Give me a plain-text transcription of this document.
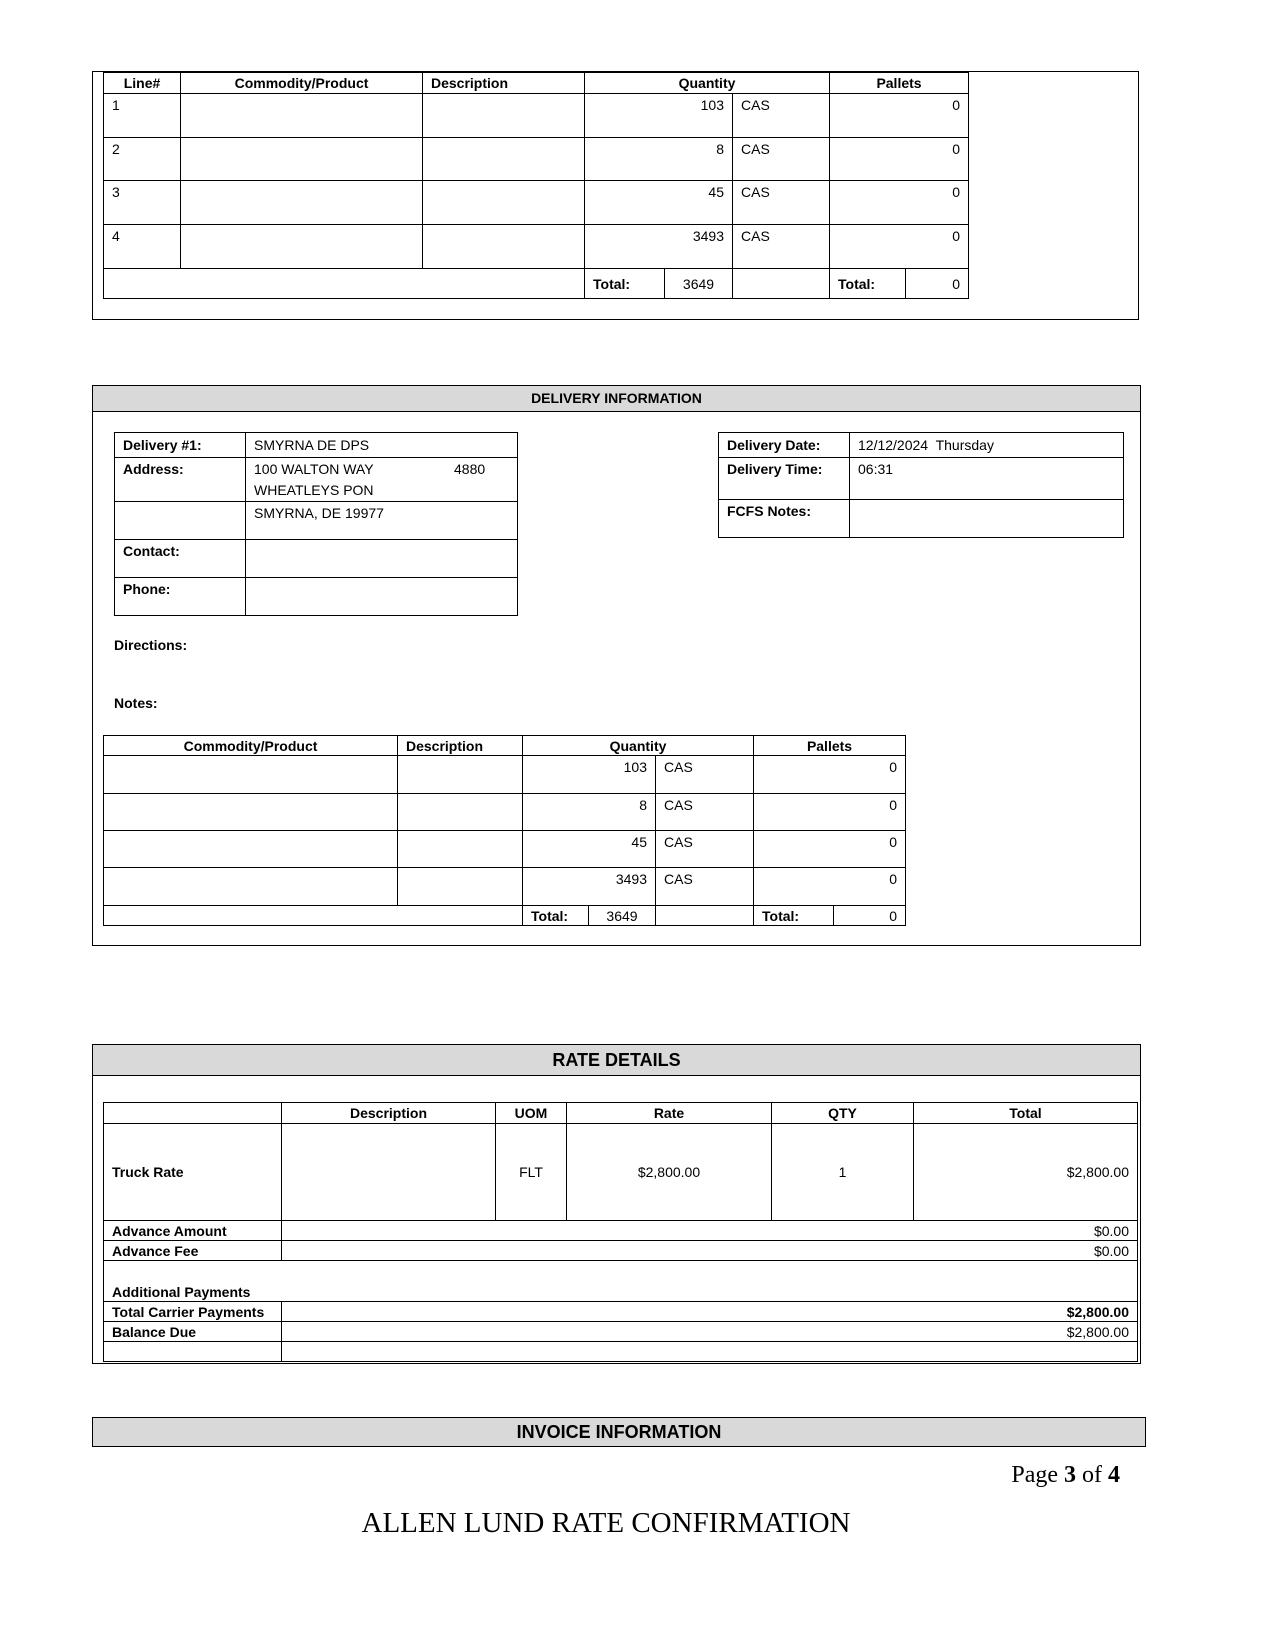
Line#	Commodity/Product	Description	Quantity			Pallets	
1			103		CAS	0	
2			8		CAS	0	
3			45		CAS	0	
4			3493		CAS	0	
			Total:	3649		Total:	0
DELIVERY INFORMATION
Delivery #1:	SMYRNA DE DPS
Address:	100 WALTON WAY 4880
WHEATLEYS PON

	SMYRNA, DE 19977
Contact:	
Phone:	
Delivery Date:	12/12/2024  Thursday
Delivery Time:	06:31
FCFS Notes:	
Directions:
Notes:
Commodity/Product	Description	Quantity			Pallets	
		103		CAS	0	
		8		CAS	0	
		45		CAS	0	
		3493		CAS	0	
		Total:	3649		Total:	0
RATE DETAILS
	Description	UOM	Rate	QTY	Total
Truck Rate		FLT	$2,800.00	1	$2,800.00
Advance Amount	$0.00				
Advance Fee	$0.00				
Additional Payments					
Total Carrier Payments	$2,800.00				
Balance Due	$2,800.00				

INVOICE INFORMATION
Page 3 of 4
ALLEN LUND RATE CONFIRMATION
